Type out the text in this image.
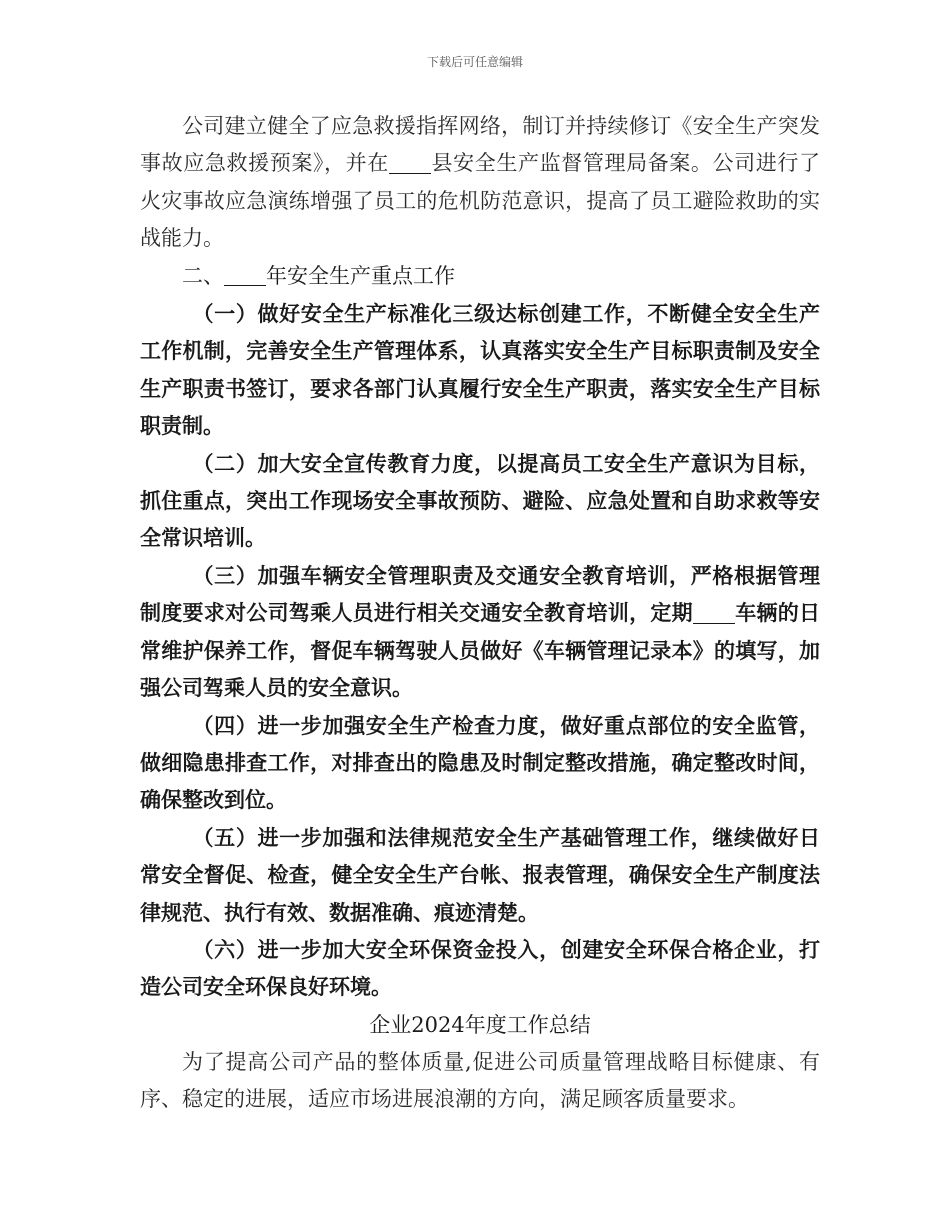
下载后可任意编辑

公司建立健全了应急救援指挥网络，制订并持续修订《安全生产突发事故应急救援预案》，并在 县安全生产监督管理局备案。公司进行了火灾事故应急演练增强了员工的危机防范意识，提高了员工避险救助的实战能力。

二、 年安全生产重点工作

（一）做好安全生产标准化三级达标创建工作，不断健全安全生产工作机制，完善安全生产管理体系，认真落实安全生产目标职责制及安全生产职责书签订，要求各部门认真履行安全生产职责，落实安全生产目标职责制。

（二）加大安全宣传教育力度，以提高员工安全生产意识为目标，抓住重点，突出工作现场安全事故预防、避险、应急处置和自助求救等安全常识培训。

（三）加强车辆安全管理职责及交通安全教育培训，严格根据管理制度要求对公司驾乘人员进行相关交通安全教育培训，定期 车辆的日常维护保养工作，督促车辆驾驶人员做好《车辆管理记录本》的填写，加强公司驾乘人员的安全意识。

（四）进一步加强安全生产检查力度，做好重点部位的安全监管，做细隐患排查工作，对排查出的隐患及时制定整改措施，确定整改时间，确保整改到位。

（五）进一步加强和法律规范安全生产基础管理工作，继续做好日常安全督促、检查，健全安全生产台帐、报表管理，确保安全生产制度法律规范、执行有效、数据准确、痕迹清楚。

（六）进一步加大安全环保资金投入，创建安全环保合格企业，打造公司安全环保良好环境。

企业2024年度工作总结

为了提高公司产品的整体质量,促进公司质量管理战略目标健康、有序、稳定的进展，适应市场进展浪潮的方向，满足顾客质量要求。
